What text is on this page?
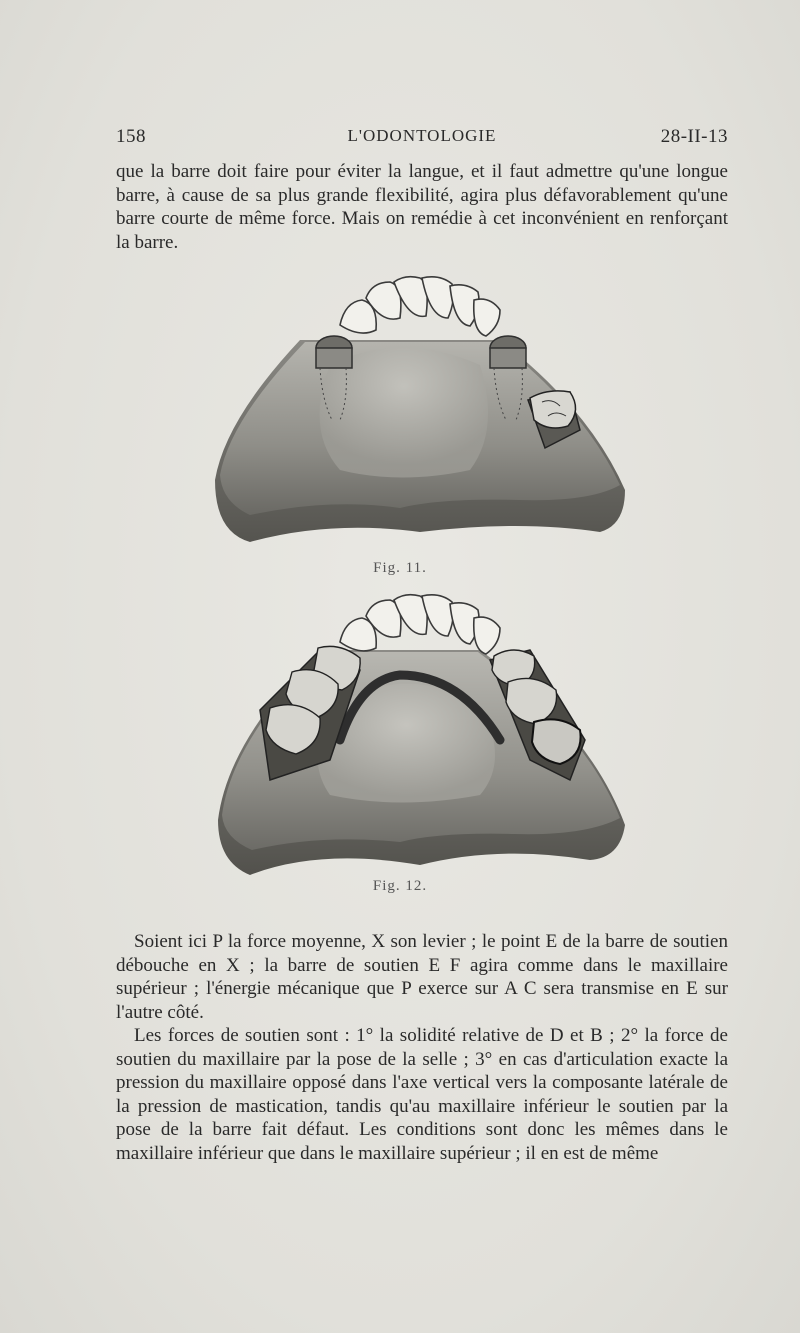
158	L'ODONTOLOGIE	28-II-13

que la barre doit faire pour éviter la langue, et il faut admettre qu'une longue barre, à cause de sa plus grande flexibilité, agira plus défavorablement qu'une barre courte de même force. Mais on remédie à cet inconvénient en renforçant la barre.

Fig. 11.
Fig. 12.

Soient ici P la force moyenne, X son levier ; le point E de la barre de soutien débouche en X ; la barre de soutien E F agira comme dans le maxillaire supérieur ; l'énergie mécanique que P exerce sur A C sera transmise en E sur l'autre côté.

Les forces de soutien sont : 1° la solidité relative de D et B ; 2° la force de soutien du maxillaire par la pose de la selle ; 3° en cas d'articulation exacte la pression du maxillaire opposé dans l'axe vertical vers la composante latérale de la pression de mastication, tandis qu'au maxillaire inférieur le soutien par la pose de la barre fait défaut. Les conditions sont donc les mêmes dans le maxillaire inférieur que dans le maxillaire supérieur ; il en est de même
